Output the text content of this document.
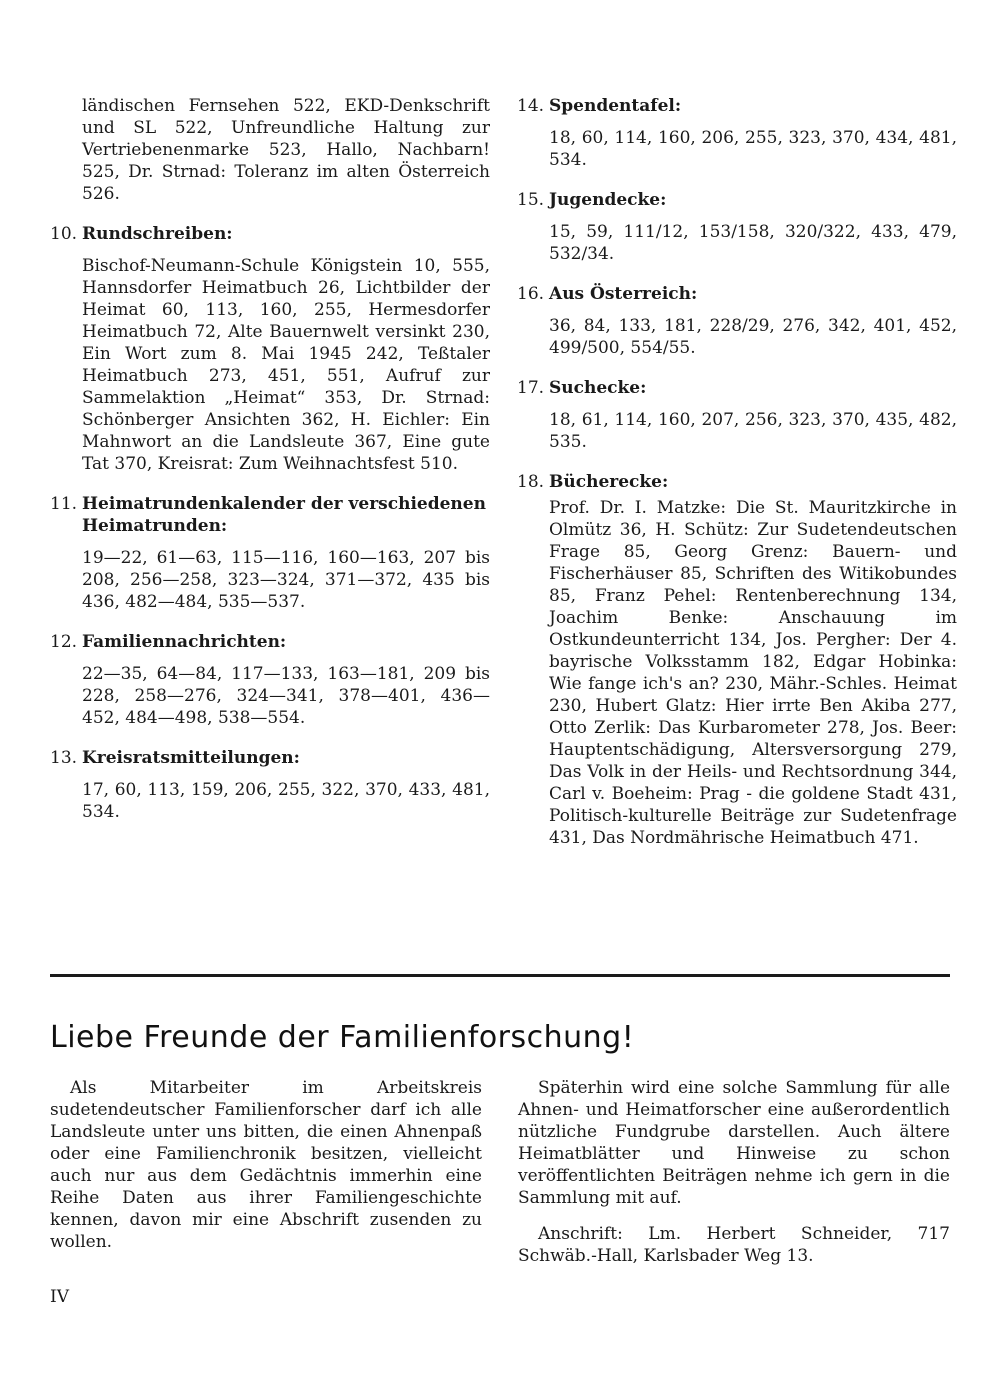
ländischen Fernsehen 522, EKD-Denkschrift und SL 522, Unfreundliche Haltung zur Vertriebenenmarke 523, Hallo, Nachbarn! 525, Dr. Strnad: Toleranz im alten Österreich 526.
10. Rundschreiben:
Bischof-Neumann-Schule Königstein 10, 555, Hannsdorfer Heimatbuch 26, Lichtbilder der Heimat 60, 113, 160, 255, Hermesdorfer Heimatbuch 72, Alte Bauernwelt versinkt 230, Ein Wort zum 8. Mai 1945 242, Teßtaler Heimatbuch 273, 451, 551, Aufruf zur Sammelaktion „Heimat“ 353, Dr. Strnad: Schönberger Ansichten 362, H. Eichler: Ein Mahnwort an die Landsleute 367, Eine gute Tat 370, Kreisrat: Zum Weihnachtsfest 510.
11. Heimatrundenkalender der verschiedenen Heimatrunden:
19—22, 61—63, 115—116, 160—163, 207 bis 208, 256—258, 323—324, 371—372, 435 bis 436, 482—484, 535—537.
12. Familiennachrichten:
22—35, 64—84, 117—133, 163—181, 209 bis 228, 258—276, 324—341, 378—401, 436—452, 484—498, 538—554.
13. Kreisratsmitteilungen:
17, 60, 113, 159, 206, 255, 322, 370, 433, 481, 534.
14. Spendentafel:
18, 60, 114, 160, 206, 255, 323, 370, 434, 481, 534.
15. Jugendecke:
15, 59, 111/12, 153/158, 320/322, 433, 479, 532/34.
16. Aus Österreich:
36, 84, 133, 181, 228/29, 276, 342, 401, 452, 499/500, 554/55.
17. Suchecke:
18, 61, 114, 160, 207, 256, 323, 370, 435, 482, 535.
18. Bücherecke:
Prof. Dr. I. Matzke: Die St. Mauritzkirche in Olmütz 36, H. Schütz: Zur Sudetendeutschen Frage 85, Georg Grenz: Bauern- und Fischerhäuser 85, Schriften des Witikobundes 85, Franz Pehel: Rentenberechnung 134, Joachim Benke: Anschauung im Ostkundeunterricht 134, Jos. Pergher: Der 4. bayrische Volksstamm 182, Edgar Hobinka: Wie fange ich's an? 230, Mähr.-Schles. Heimat 230, Hubert Glatz: Hier irrte Ben Akiba 277, Otto Zerlik: Das Kurbarometer 278, Jos. Beer: Hauptentschädigung, Altersversorgung 279, Das Volk in der Heils- und Rechtsordnung 344, Carl v. Boeheim: Prag - die goldene Stadt 431, Politisch-kulturelle Beiträge zur Sudetenfrage 431, Das Nordmährische Heimatbuch 471.
Liebe Freunde der Familienforschung!

Als Mitarbeiter im Arbeitskreis sudetendeutscher Familienforscher darf ich alle Landsleute unter uns bitten, die einen Ahnenpaß oder eine Familienchronik besitzen, vielleicht auch nur aus dem Gedächtnis immerhin eine Reihe Daten aus ihrer Familiengeschichte kennen, davon mir eine Abschrift zusenden zu wollen.

Späterhin wird eine solche Sammlung für alle Ahnen- und Heimatforscher eine außerordentlich nützliche Fundgrube darstellen. Auch ältere Heimatblätter und Hinweise zu schon veröffentlichten Beiträgen nehme ich gern in die Sammlung mit auf.

Anschrift: Lm. Herbert Schneider, 717 Schwäb.-Hall, Karlsbader Weg 13.

IV
